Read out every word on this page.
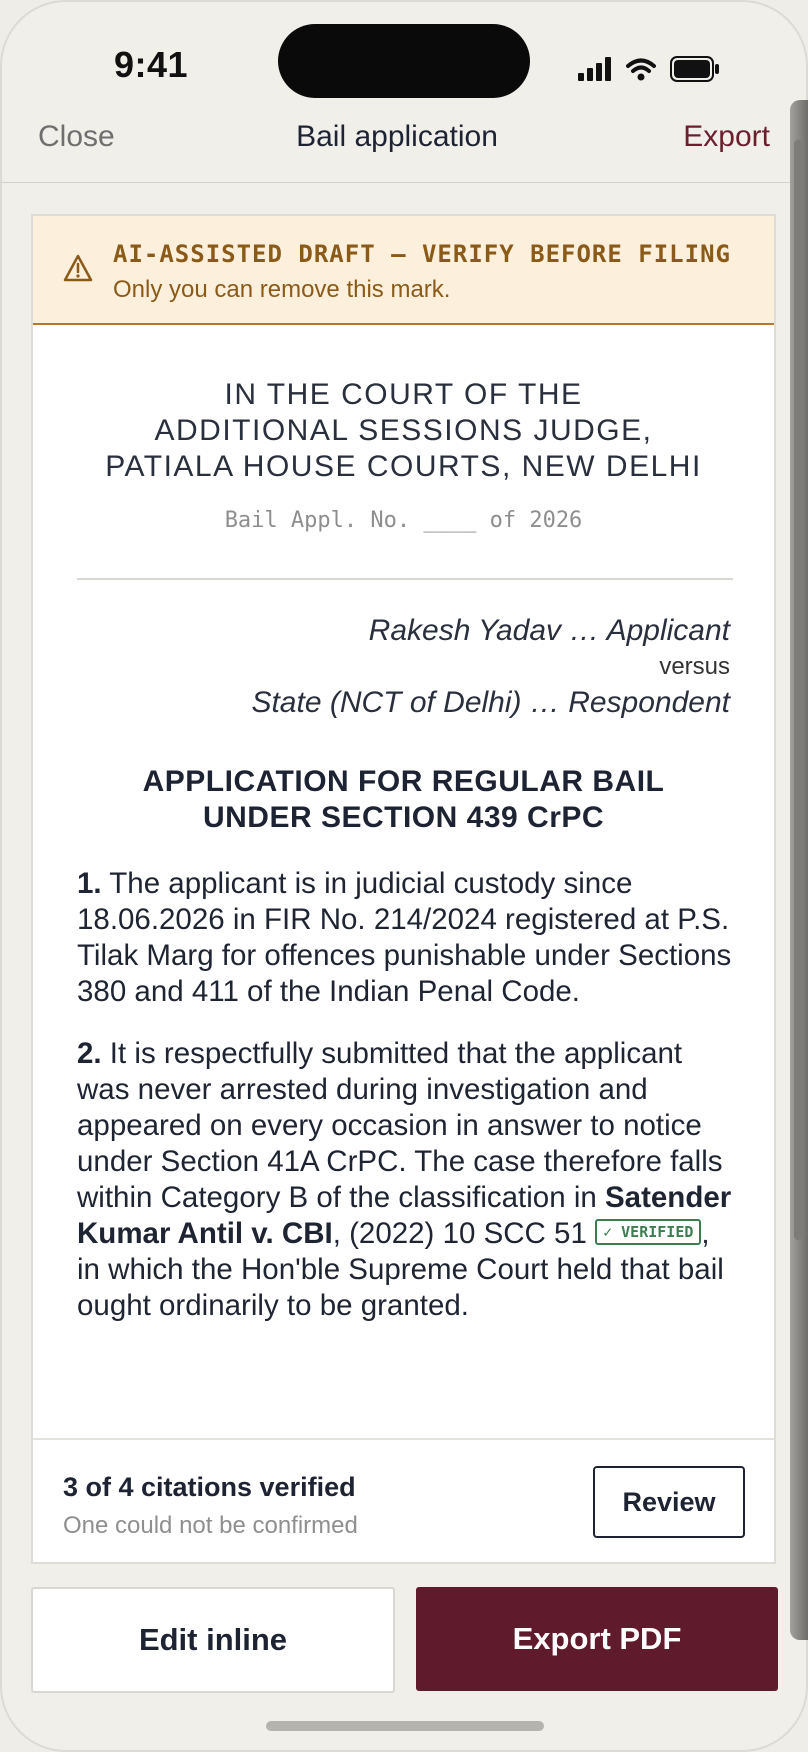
9:41
Close	Bail application	Export
AI-ASSISTED DRAFT — VERIFY BEFORE FILING
Only you can remove this mark.
IN THE COURT OF THE
ADDITIONAL SESSIONS JUDGE,
PATIALA HOUSE COURTS, NEW DELHI
Bail Appl. No. ____ of 2026
Rakesh Yadav … Applicant
versus
State (NCT of Delhi) … Respondent
APPLICATION FOR REGULAR BAIL
UNDER SECTION 439 CrPC

1. The applicant is in judicial custody since 18.06.2026 in FIR No. 214/2024 registered at P.S. Tilak Marg for offences punishable under Sections 380 and 411 of the Indian Penal Code.

2. It is respectfully submitted that the applicant was never arrested during investigation and appeared on every occasion in answer to notice under Section 41A CrPC. The case therefore falls within Category B of the classification in Satender Kumar Antil v. CBI, (2022) 10 SCC 51 ✓ VERIFIED , in which the Hon'ble Supreme Court held that bail ought ordinarily to be granted.

3 of 4 citations verified
One could not be confirmed
Review
Edit inline	Export PDF
